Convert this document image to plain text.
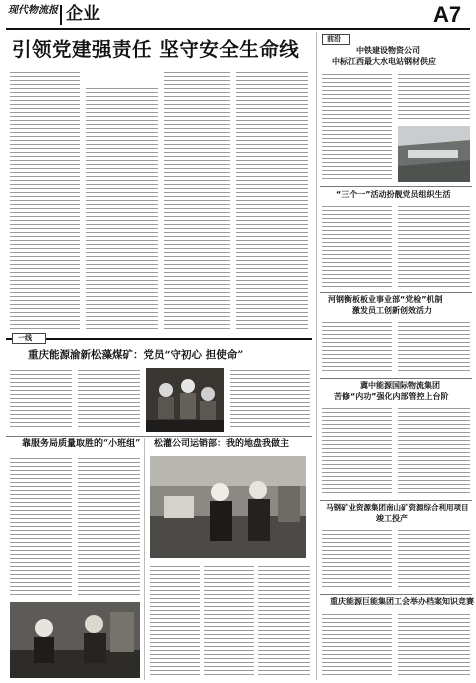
现代物流报 企业	A7
引领党建强责任 坚守安全生命线	前沿
中铁建设物资公司
中标江西最大水电站钢材供应
“三个一”活动扮靓党员组织生活
河钢衡板板业事业部“党检”机制
激发员工创新创效活力
冀中能源国际物流集团
苦修“内功”强化内部管控上台阶
马钢矿业资源集团南山矿资源综合利用项目
竣工投产
重庆能源巨能集团工会举办档案知识竞赛
一线
重庆能源渝新松藻煤矿：党员“守初心 担使命”
靠服务局质量取胜的“小班组” 松灌公司运销部：我的地盘我做主
